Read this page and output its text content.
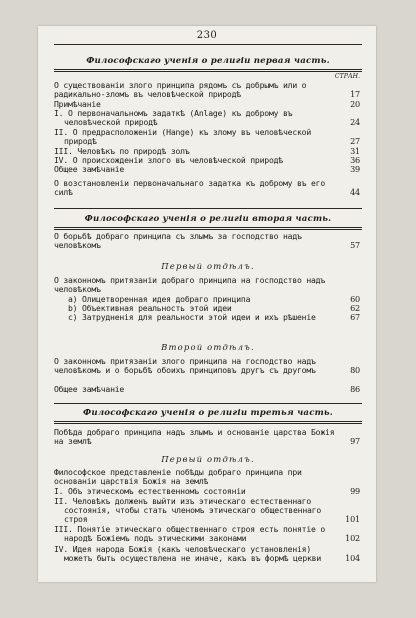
230
Философскаго ученія о религіи первая часть.
СТРАН.
О существованіи злого принципа рядомъ съ добрымъ или о радикально-зломъ въ человѣческой природѣ	17
Примѣчаніе	20
I. О первоначальномъ задаткѣ (Anlage) къ доброму въ человѣческой природѣ	24
II. О предрасположеніи (Hange) къ злому въ человѣческой природѣ	27
III. Человѣкъ по природѣ золъ	31
IV. О происхожденіи злого въ человѣческой природѣ	36
Общее замѣчаніе	39
О возстановленіи первоначальнаго задатка къ доброму въ его силѣ	44
Философскаго ученія о религіи вторая часть.
О борьбѣ добраго принципа съ злымъ за господство надъ человѣкомъ	57
Первый отдѣлъ.
О законномъ притязаніи добраго принципа на господство надъ человѣкомъ
a) Олицетворенная идея добраго принципа	60
b) Объективная реальность этой идеи	62
c) Затрудненія для реальности этой идеи и ихъ рѣшеніе	67
Второй отдѣлъ.
О законномъ притязаніи злого принципа на господство надъ человѣкомъ и о борьбѣ обоихъ принциповъ другъ съ другомъ	80
Общее замѣчаніе	86
Философскаго ученія о религіи третья часть.
Побѣда добраго принципа надъ злымъ и основаніе царства Божія на землѣ	97
Первый отдѣлъ.
Философское представленіе побѣды добраго принципа при основаніи царствія Божія на землѣ
I. Объ этическомъ естественномъ состояніи	99
II. Человѣкъ долженъ выйти изъ этическаго естественнаго состоянія, чтобы стать членомъ этическаго общественнаго строя	101
III. Понятіе этическаго общественнаго строя есть понятіе о народѣ Божіемъ подъ этическими законами	102
IV. Идея народа Божія (какъ человѣческаго установленія) можетъ быть осуществлена не иначе, какъ въ формѣ церкви	104
